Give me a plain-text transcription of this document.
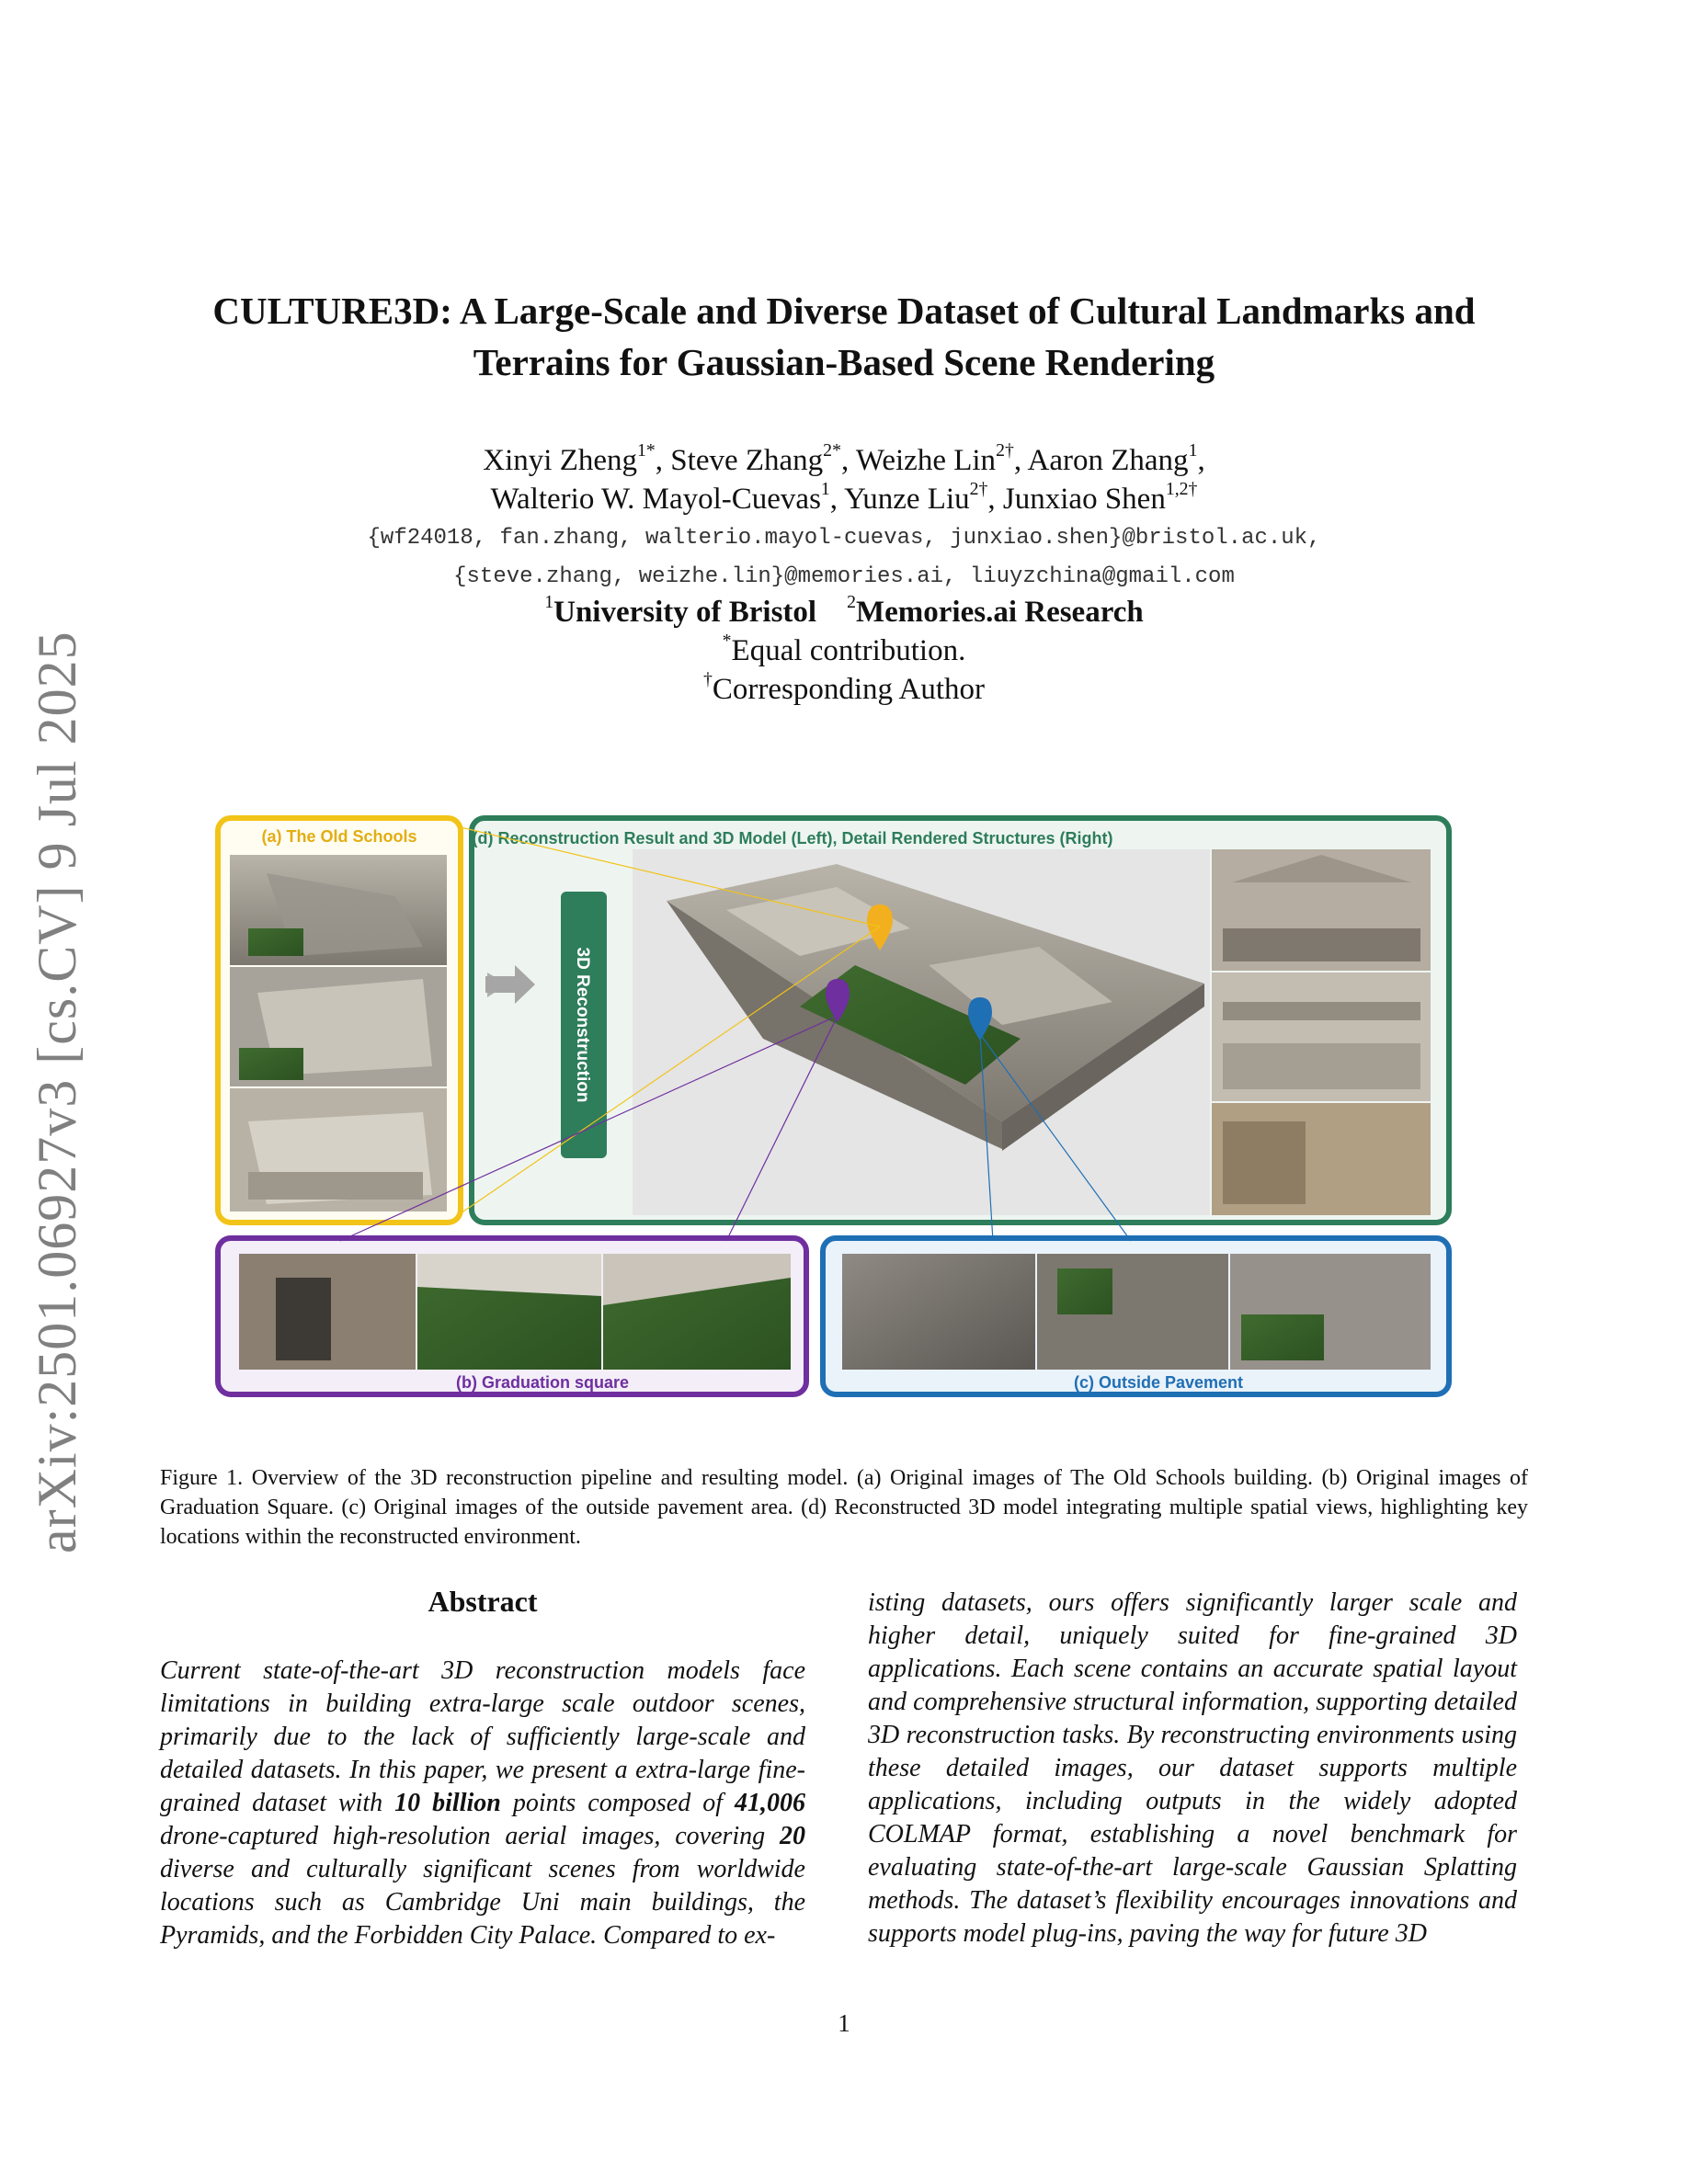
arXiv:2501.06927v3 [cs.CV] 9 Jul 2025
CULTURE3D: A Large-Scale and Diverse Dataset of Cultural Landmarks and
Terrains for Gaussian-Based Scene Rendering
Xinyi Zheng$^{1*}$, Steve Zhang$^{2*}$, Weizhe Lin$^{2\dagger}$, Aaron Zhang$^1$,
Walterio W. Mayol-Cuevas$^1$, Yunze Liu$^{2\dagger}$, Junxiao Shen$^{1,2\dagger}$
{wf24018, fan.zhang, walterio.mayol-cuevas, junxiao.shen}@bristol.ac.uk,
{steve.zhang, weizhe.lin}@memories.ai, liuyzchina@gmail.com
$^1$University of Bristol $^2$Memories.ai Research
*Equal contribution.
†Corresponding Author
(a) The Old Schools	(d) Reconstruction Result and 3D Model (Left), Detail Rendered Structures (Right)
3D Reconstruction
(b) Graduation square	(c) Outside Pavement
Figure 1. Overview of the 3D reconstruction pipeline and resulting model. (a) Original images of The Old Schools building. (b) Original images of Graduation Square. (c) Original images of the outside pavement area. (d) Reconstructed 3D model integrating multiple spatial views, highlighting key locations within the reconstructed environment.
Abstract

Current state-of-the-art 3D reconstruction models face limitations in building extra-large scale outdoor scenes, primarily due to the lack of sufficiently large-scale and detailed datasets. In this paper, we present a extra-large fine-grained dataset with 10 billion points composed of 41,006 drone-captured high-resolution aerial images, covering 20 diverse and culturally significant scenes from worldwide locations such as Cambridge Uni main buildings, the Pyramids, and the Forbidden City Palace. Compared to ex-

isting datasets, ours offers significantly larger scale and higher detail, uniquely suited for fine-grained 3D applications. Each scene contains an accurate spatial layout and comprehensive structural information, supporting detailed 3D reconstruction tasks. By reconstructing environments using these detailed images, our dataset supports multiple applications, including outputs in the widely adopted COLMAP format, establishing a novel benchmark for evaluating state-of-the-art large-scale Gaussian Splatting methods. The dataset’s flexibility encourages innovations and supports model plug-ins, paving the way for future 3D

1
